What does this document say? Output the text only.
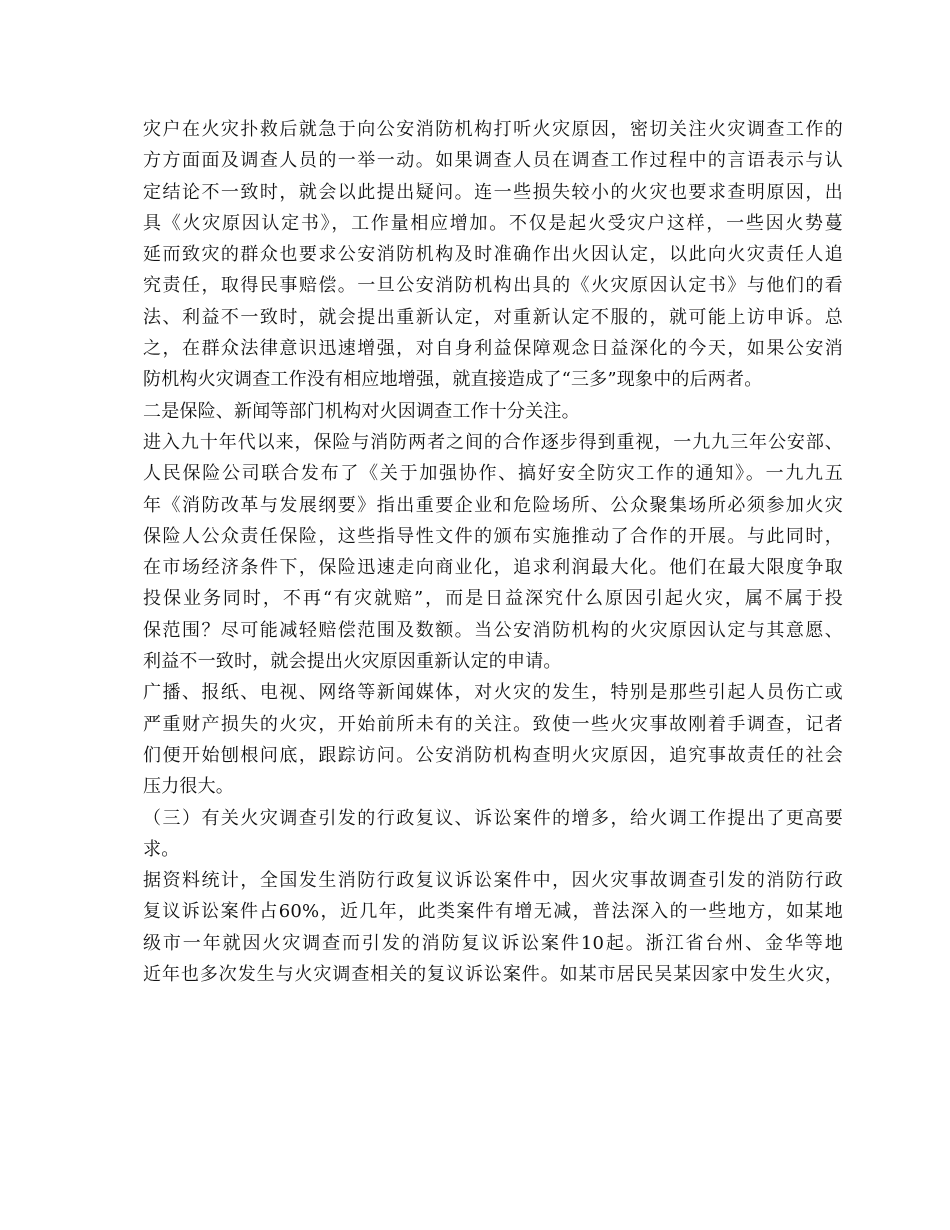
灾户在火灾扑救后就急于向公安消防机构打听火灾原因，密切关注火灾调查工作的
方方面面及调查人员的一举一动。如果调查人员在调查工作过程中的言语表示与认
定结论不一致时，就会以此提出疑问。连一些损失较小的火灾也要求查明原因，出
具《火灾原因认定书》，工作量相应增加。不仅是起火受灾户这样，一些因火势蔓
延而致灾的群众也要求公安消防机构及时准确作出火因认定，以此向火灾责任人追
究责任，取得民事赔偿。一旦公安消防机构出具的《火灾原因认定书》与他们的看
法、利益不一致时，就会提出重新认定，对重新认定不服的，就可能上访申诉。总
之，在群众法律意识迅速增强，对自身利益保障观念日益深化的今天，如果公安消
防机构火灾调查工作没有相应地增强，就直接造成了“三多”现象中的后两者。
二是保险、新闻等部门机构对火因调查工作十分关注。
进入九十年代以来，保险与消防两者之间的合作逐步得到重视，一九九三年公安部、
人民保险公司联合发布了《关于加强协作、搞好安全防灾工作的通知》。一九九五
年《消防改革与发展纲要》指出重要企业和危险场所、公众聚集场所必须参加火灾
保险人公众责任保险，这些指导性文件的颁布实施推动了合作的开展。与此同时，
在市场经济条件下，保险迅速走向商业化，追求利润最大化。他们在最大限度争取
投保业务同时，不再“有灾就赔”，而是日益深究什么原因引起火灾，属不属于投
保范围？尽可能减轻赔偿范围及数额。当公安消防机构的火灾原因认定与其意愿、
利益不一致时，就会提出火灾原因重新认定的申请。
广播、报纸、电视、网络等新闻媒体，对火灾的发生，特别是那些引起人员伤亡或
严重财产损失的火灾，开始前所未有的关注。致使一些火灾事故刚着手调查，记者
们便开始刨根问底，跟踪访问。公安消防机构查明火灾原因，追究事故责任的社会
压力很大。
（三）有关火灾调查引发的行政复议、诉讼案件的增多，给火调工作提出了更高要
求。
据资料统计，全国发生消防行政复议诉讼案件中，因火灾事故调查引发的消防行政
复议诉讼案件占60%，近几年，此类案件有增无减，普法深入的一些地方，如某地
级市一年就因火灾调查而引发的消防复议诉讼案件10起。浙江省台州、金华等地
近年也多次发生与火灾调查相关的复议诉讼案件。如某市居民吴某因家中发生火灾，
